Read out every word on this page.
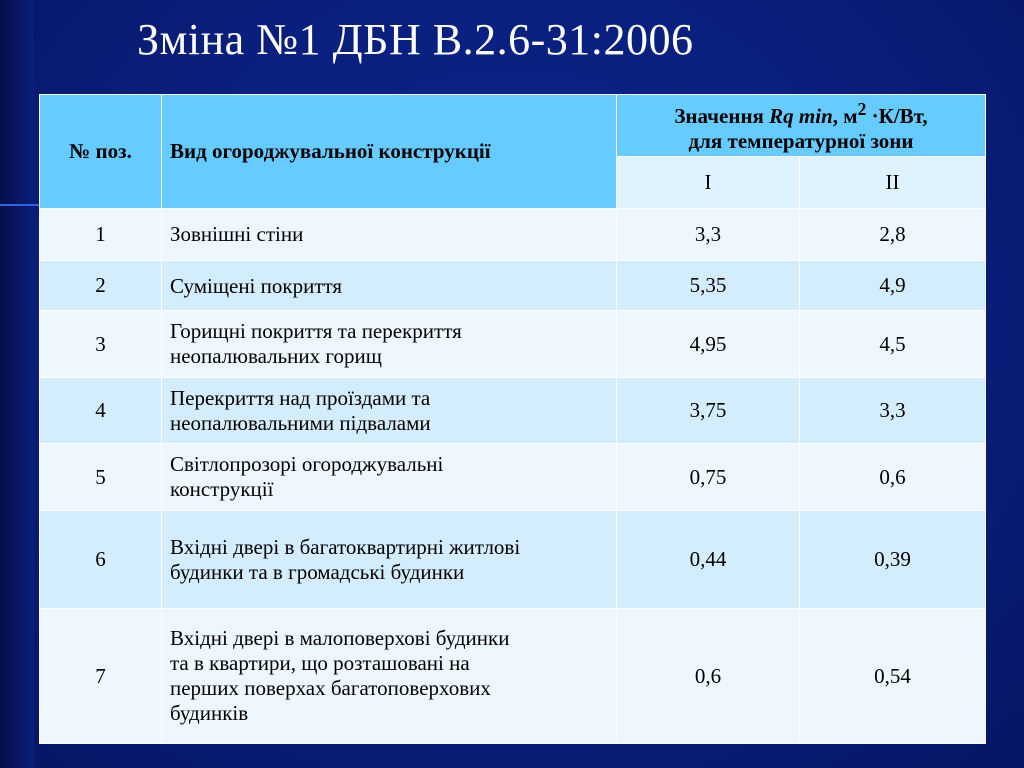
Зміна №1 ДБН В.2.6-31:2006
№ поз.	Вид огороджувальної конструкції	Значення Rq min, $м^2 \cdot К/Вт$,
для температурної зони	
		I	II
1	Зовнішні стіни	3,3	2,8
2	Суміщені покриття	5,35	4,9
3	Горищні покриття та перекриття
неопалювальних горищ	4,95	4,5
4	Перекриття над проїздами та
неопалювальними підвалами	3,75	3,3
5	Світлопрозорі огороджувальні
конструкції	0,75	0,6
6	Вхідні двері в багатоквартирні житлові
будинки та в громадські будинки	0,44	0,39
7	Вхідні двері в малоповерхові будинки
та в квартири, що розташовані на
перших поверхах багатоповерхових
будинків	0,6	0,54
